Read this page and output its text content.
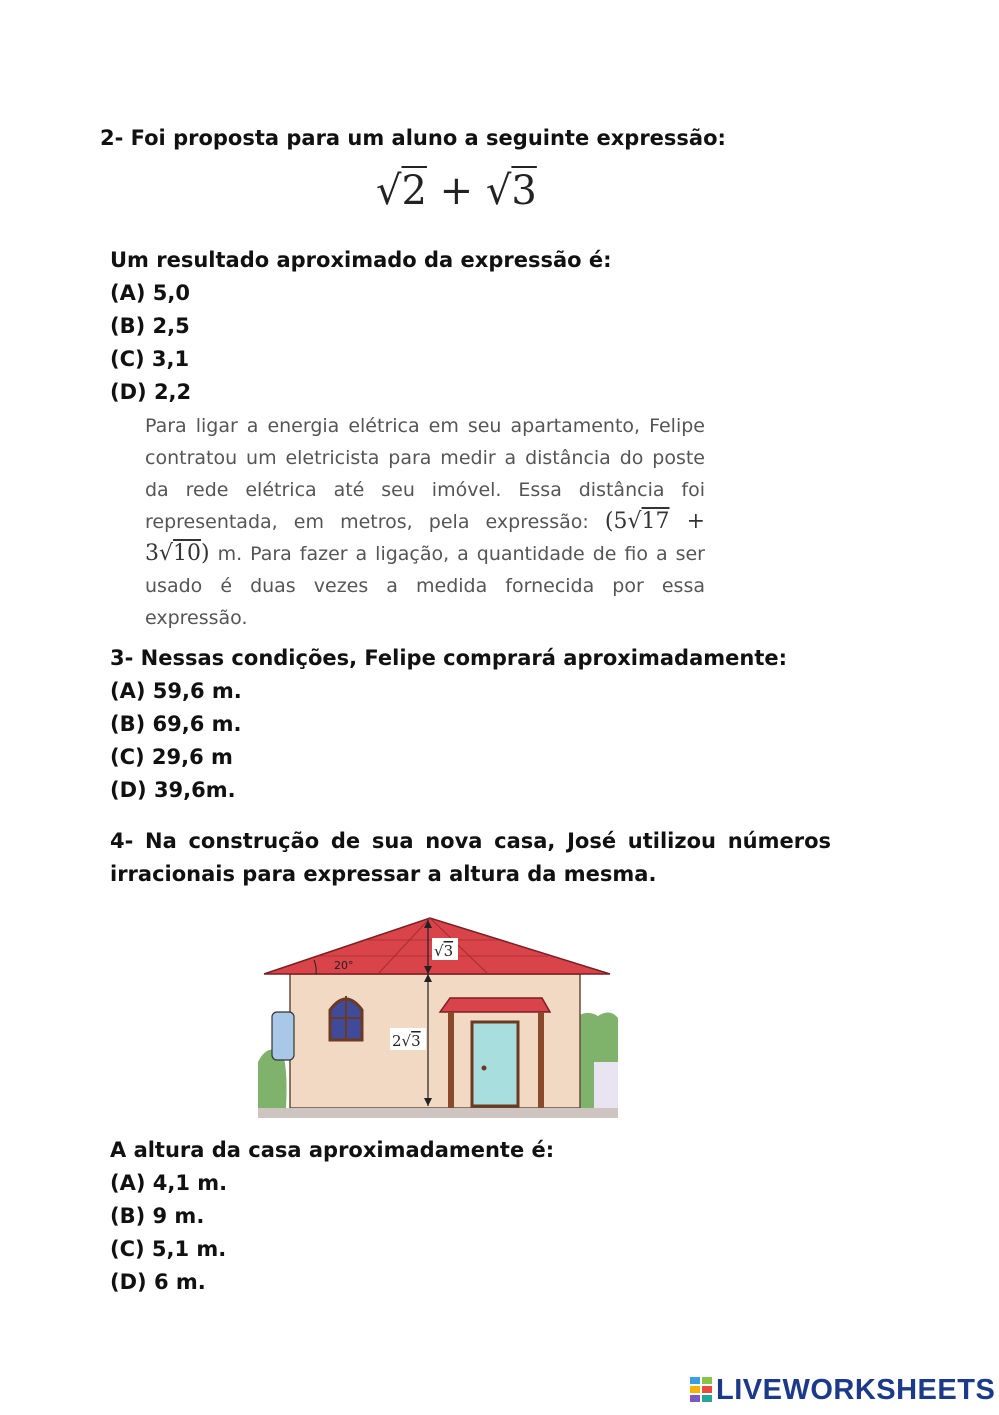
2- Foi proposta para um aluno a seguinte expressão:
√2 + √3
Um resultado aproximado da expressão é:
(A) 5,0
(B) 2,5
(C) 3,1
(D) 2,2
Para ligar a energia elétrica em seu apartamento, Felipe contratou um eletricista para medir a distância do poste da rede elétrica até seu imóvel. Essa distância foi representada, em metros, pela expressão: (5√17 + 3√10) m. Para fazer a ligação, a quantidade de fio a ser usado é duas vezes a medida fornecida por essa expressão.
3- Nessas condições, Felipe comprará aproximadamente:
(A) 59,6 m.
(B) 69,6 m.
(C) 29,6 m
(D) 39,6m.
4- Na construção de sua nova casa, José utilizou números irracionais para expressar a altura da mesma.
20°
√3
2√3
A altura da casa aproximadamente é:
(A) 4,1 m.
(B) 9 m.
(C) 5,1 m.
(D) 6 m.
LIVEWORKSHEETS
